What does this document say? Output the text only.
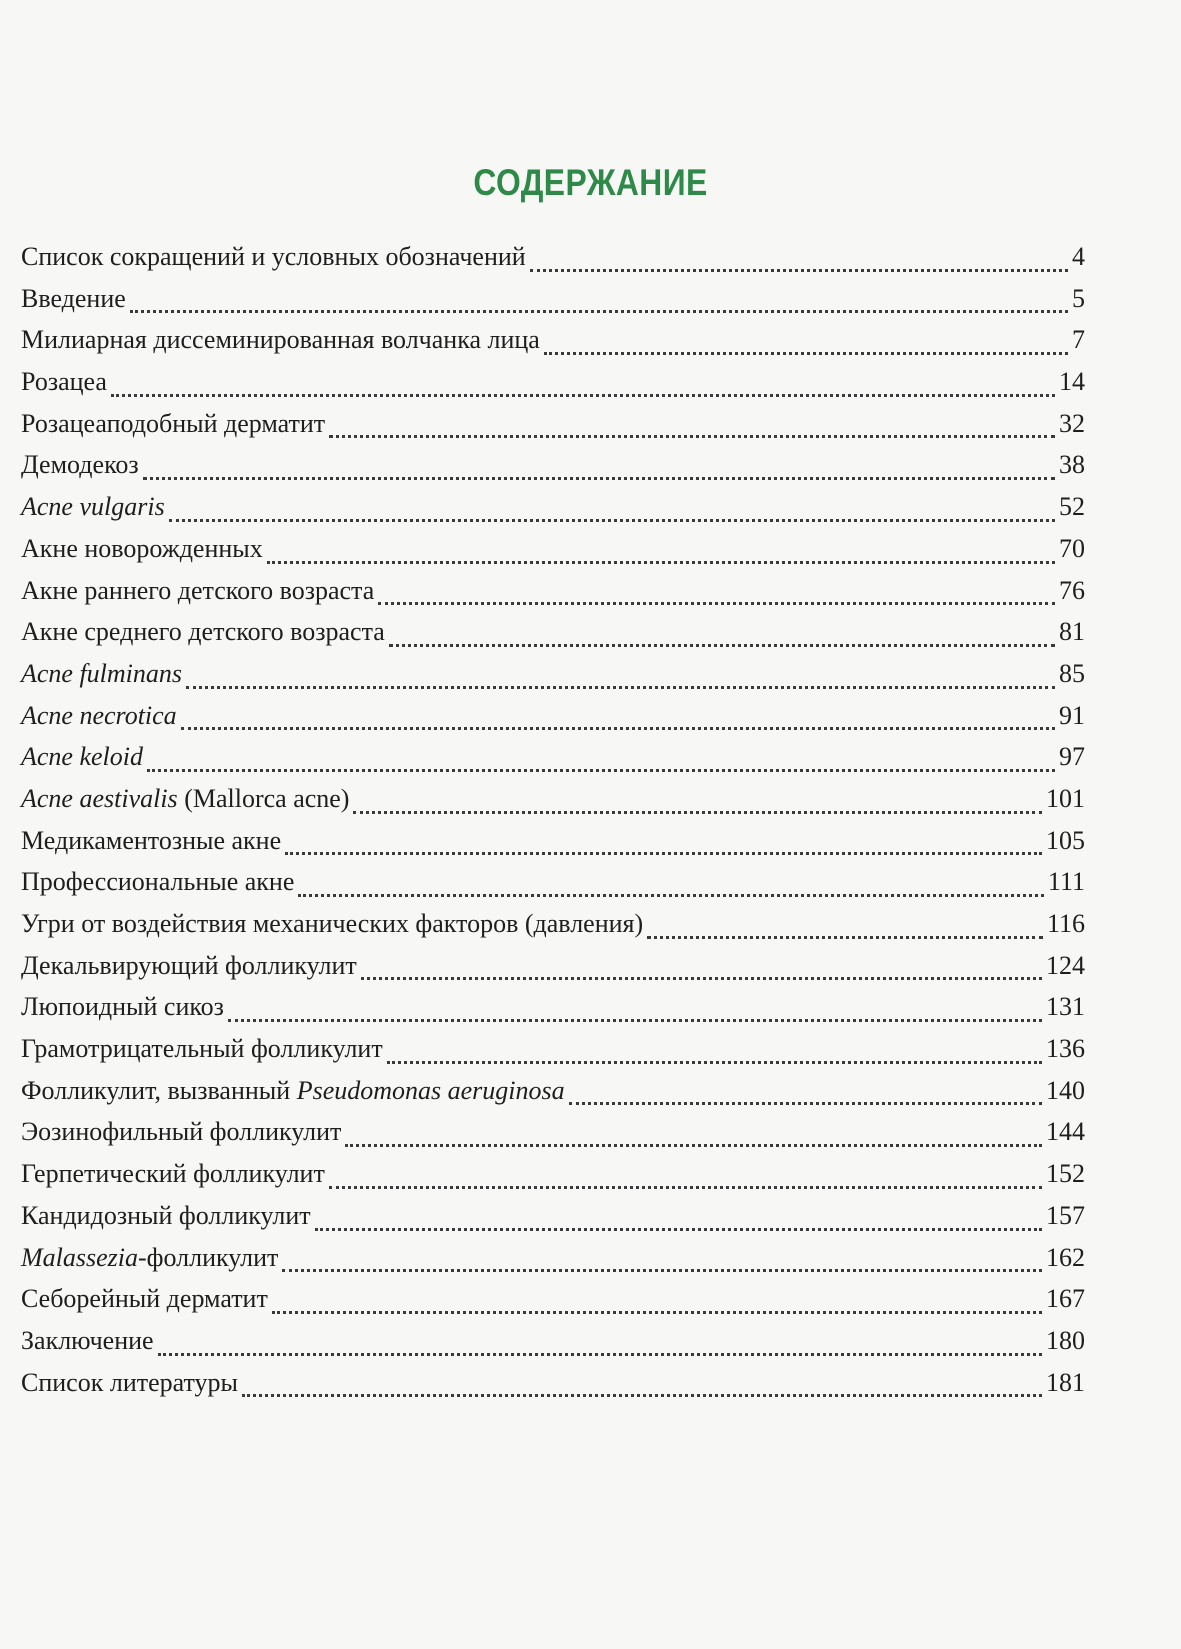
СОДЕРЖАНИЕ
Список сокращений и условных обозначений	4
Введение	5
Милиарная диссеминированная волчанка лица	7
Розацеа	14
Розацеаподобный дерматит	32
Демодекоз	38
Acne vulgaris	52
Акне новорожденных	70
Акне раннего детского возраста	76
Акне среднего детского возраста	81
Acne fulminans	85
Acne necrotica	91
Acne keloid	97
Acne aestivalis (Mallorca acne)	101
Медикаментозные акне	105
Профессиональные акне	111
Угри от воздействия механических факторов (давления)	116
Декальвирующий фолликулит	124
Люпоидный сикоз	131
Грамотрицательный фолликулит	136
Фолликулит, вызванный Pseudomonas aeruginosa	140
Эозинофильный фолликулит	144
Герпетический фолликулит	152
Кандидозный фолликулит	157
Malassezia-фолликулит	162
Себорейный дерматит	167
Заключение	180
Список литературы	181
